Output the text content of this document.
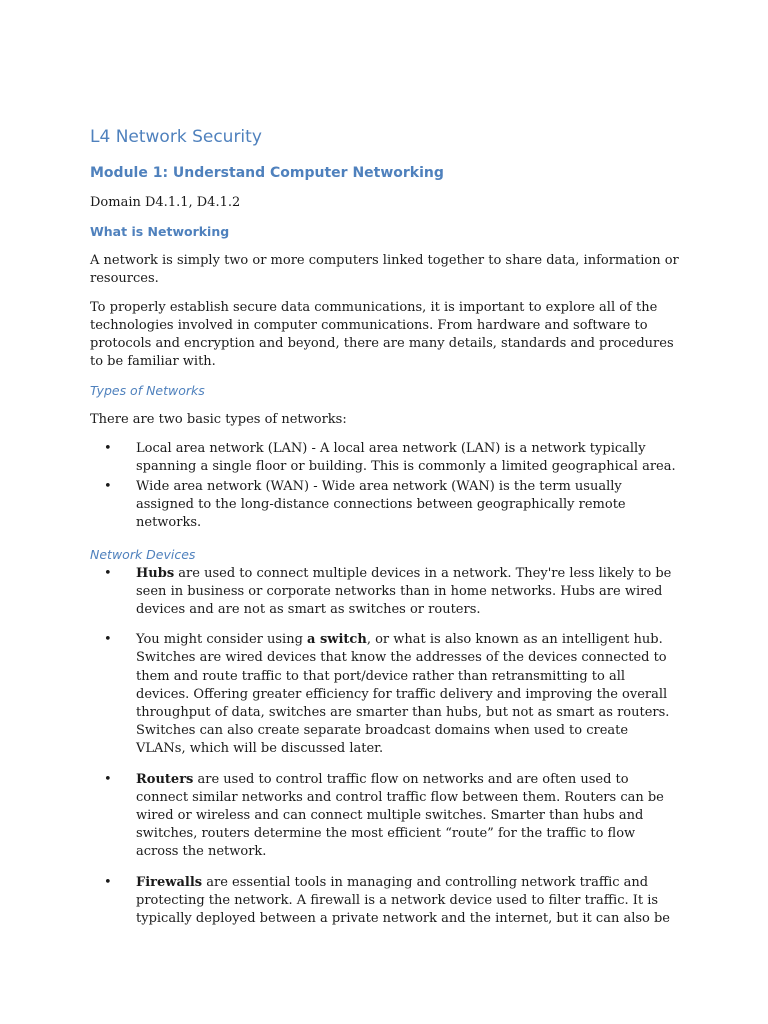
L4 Network Security
Module 1: Understand Computer Networking

Domain D4.1.1, D4.1.2

What is Networking

A network is simply two or more computers linked together to share data, information or resources.

To properly establish secure data communications, it is important to explore all of the technologies involved in computer communications. From hardware and software to protocols and encryption and beyond, there are many details, standards and procedures to be familiar with.

Types of Networks

There are two basic types of networks:

• Local area network (LAN) - A local area network (LAN) is a network typically spanning a single floor or building. This is commonly a limited geographical area.
• Wide area network (WAN) - Wide area network (WAN) is the term usually assigned to the long-distance connections between geographically remote networks.
Network Devices
• Hubs are used to connect multiple devices in a network. They're less likely to be seen in business or corporate networks than in home networks. Hubs are wired devices and are not as smart as switches or routers.
• You might consider using a switch, or what is also known as an intelligent hub. Switches are wired devices that know the addresses of the devices connected to them and route traffic to that port/device rather than retransmitting to all devices. Offering greater efficiency for traffic delivery and improving the overall throughput of data, switches are smarter than hubs, but not as smart as routers. Switches can also create separate broadcast domains when used to create VLANs, which will be discussed later.
• Routers are used to control traffic flow on networks and are often used to connect similar networks and control traffic flow between them. Routers can be wired or wireless and can connect multiple switches. Smarter than hubs and switches, routers determine the most efficient “route” for the traffic to flow across the network.
• Firewalls are essential tools in managing and controlling network traffic and protecting the network. A firewall is a network device used to filter traffic. It is typically deployed between a private network and the internet, but it can also be
